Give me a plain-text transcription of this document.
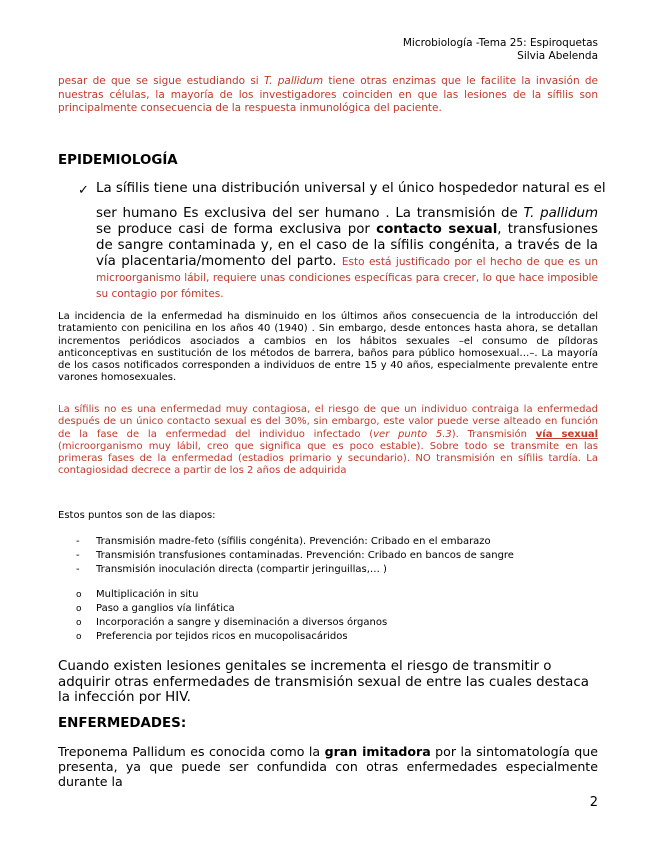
Microbiología -Tema 25: Espiroquetas
Silvia Abelenda
pesar de que se sigue estudiando si T. pallidum tiene otras enzimas que le facilite la invasión de nuestras células, la mayoría de los investigadores coinciden en que las lesiones de la sífilis son principalmente consecuencia de la respuesta inmunológica del paciente.
EPIDEMIOLOGÍA
✓ La sífilis tiene una distribución universal y el único hospededor natural es el
ser humano Es exclusiva del ser humano . La transmisión de T. pallidum se produce casi de forma exclusiva por contacto sexual, transfusiones de sangre contaminada y, en el caso de la sífilis congénita, a través de la vía placentaria/momento del parto. Esto está justificado por el hecho de que es un microorganismo lábil, requiere unas condiciones específicas para crecer, lo que hace imposible su contagio por fómites.
La incidencia de la enfermedad ha disminuido en los últimos años consecuencia de la introducción del tratamiento con penicilina en los años 40 (1940) . Sin embargo, desde entonces hasta ahora, se detallan incrementos periódicos asociados a cambios en los hábitos sexuales –el consumo de píldoras anticonceptivas en sustitución de los métodos de barrera, baños para público homosexual…–. La mayoría de los casos notificados corresponden a individuos de entre 15 y 40 años, especialmente prevalente entre varones homosexuales.
La sífilis no es una enfermedad muy contagiosa, el riesgo de que un individuo contraiga la enfermedad después de un único contacto sexual es del 30%, sin embargo, este valor puede verse alteado en función de la fase de la enfermedad del individuo infectado (ver punto 5.3). Transmisión vía sexual (microorganismo muy lábil, creo que significa que es poco estable). Sobre todo se transmite en las primeras fases de la enfermedad (estadios primario y secundario). NO transmisión en sífilis tardía. La contagiosidad decrece a partir de los 2 años de adquirida
Estos puntos son de las diapos:
- Transmisión madre-feto (sífilis congénita). Prevención: Cribado en el embarazo
- Transmisión transfusiones contaminadas. Prevención: Cribado en bancos de sangre
- Transmisión inoculación directa (compartir jeringuillas,… )
o Multiplicación in situ
o Paso a ganglios vía linfática
o Incorporación a sangre y diseminación a diversos órganos
o Preferencia por tejidos ricos en mucopolisacáridos
Cuando existen lesiones genitales se incrementa el riesgo de transmitir o adquirir otras enfermedades de transmisión sexual de entre las cuales destaca la infección por HIV.
ENFERMEDADES:
Treponema Pallidum es conocida como la gran imitadora por la sintomatología que presenta, ya que puede ser confundida con otras enfermedades especialmente durante la
2
